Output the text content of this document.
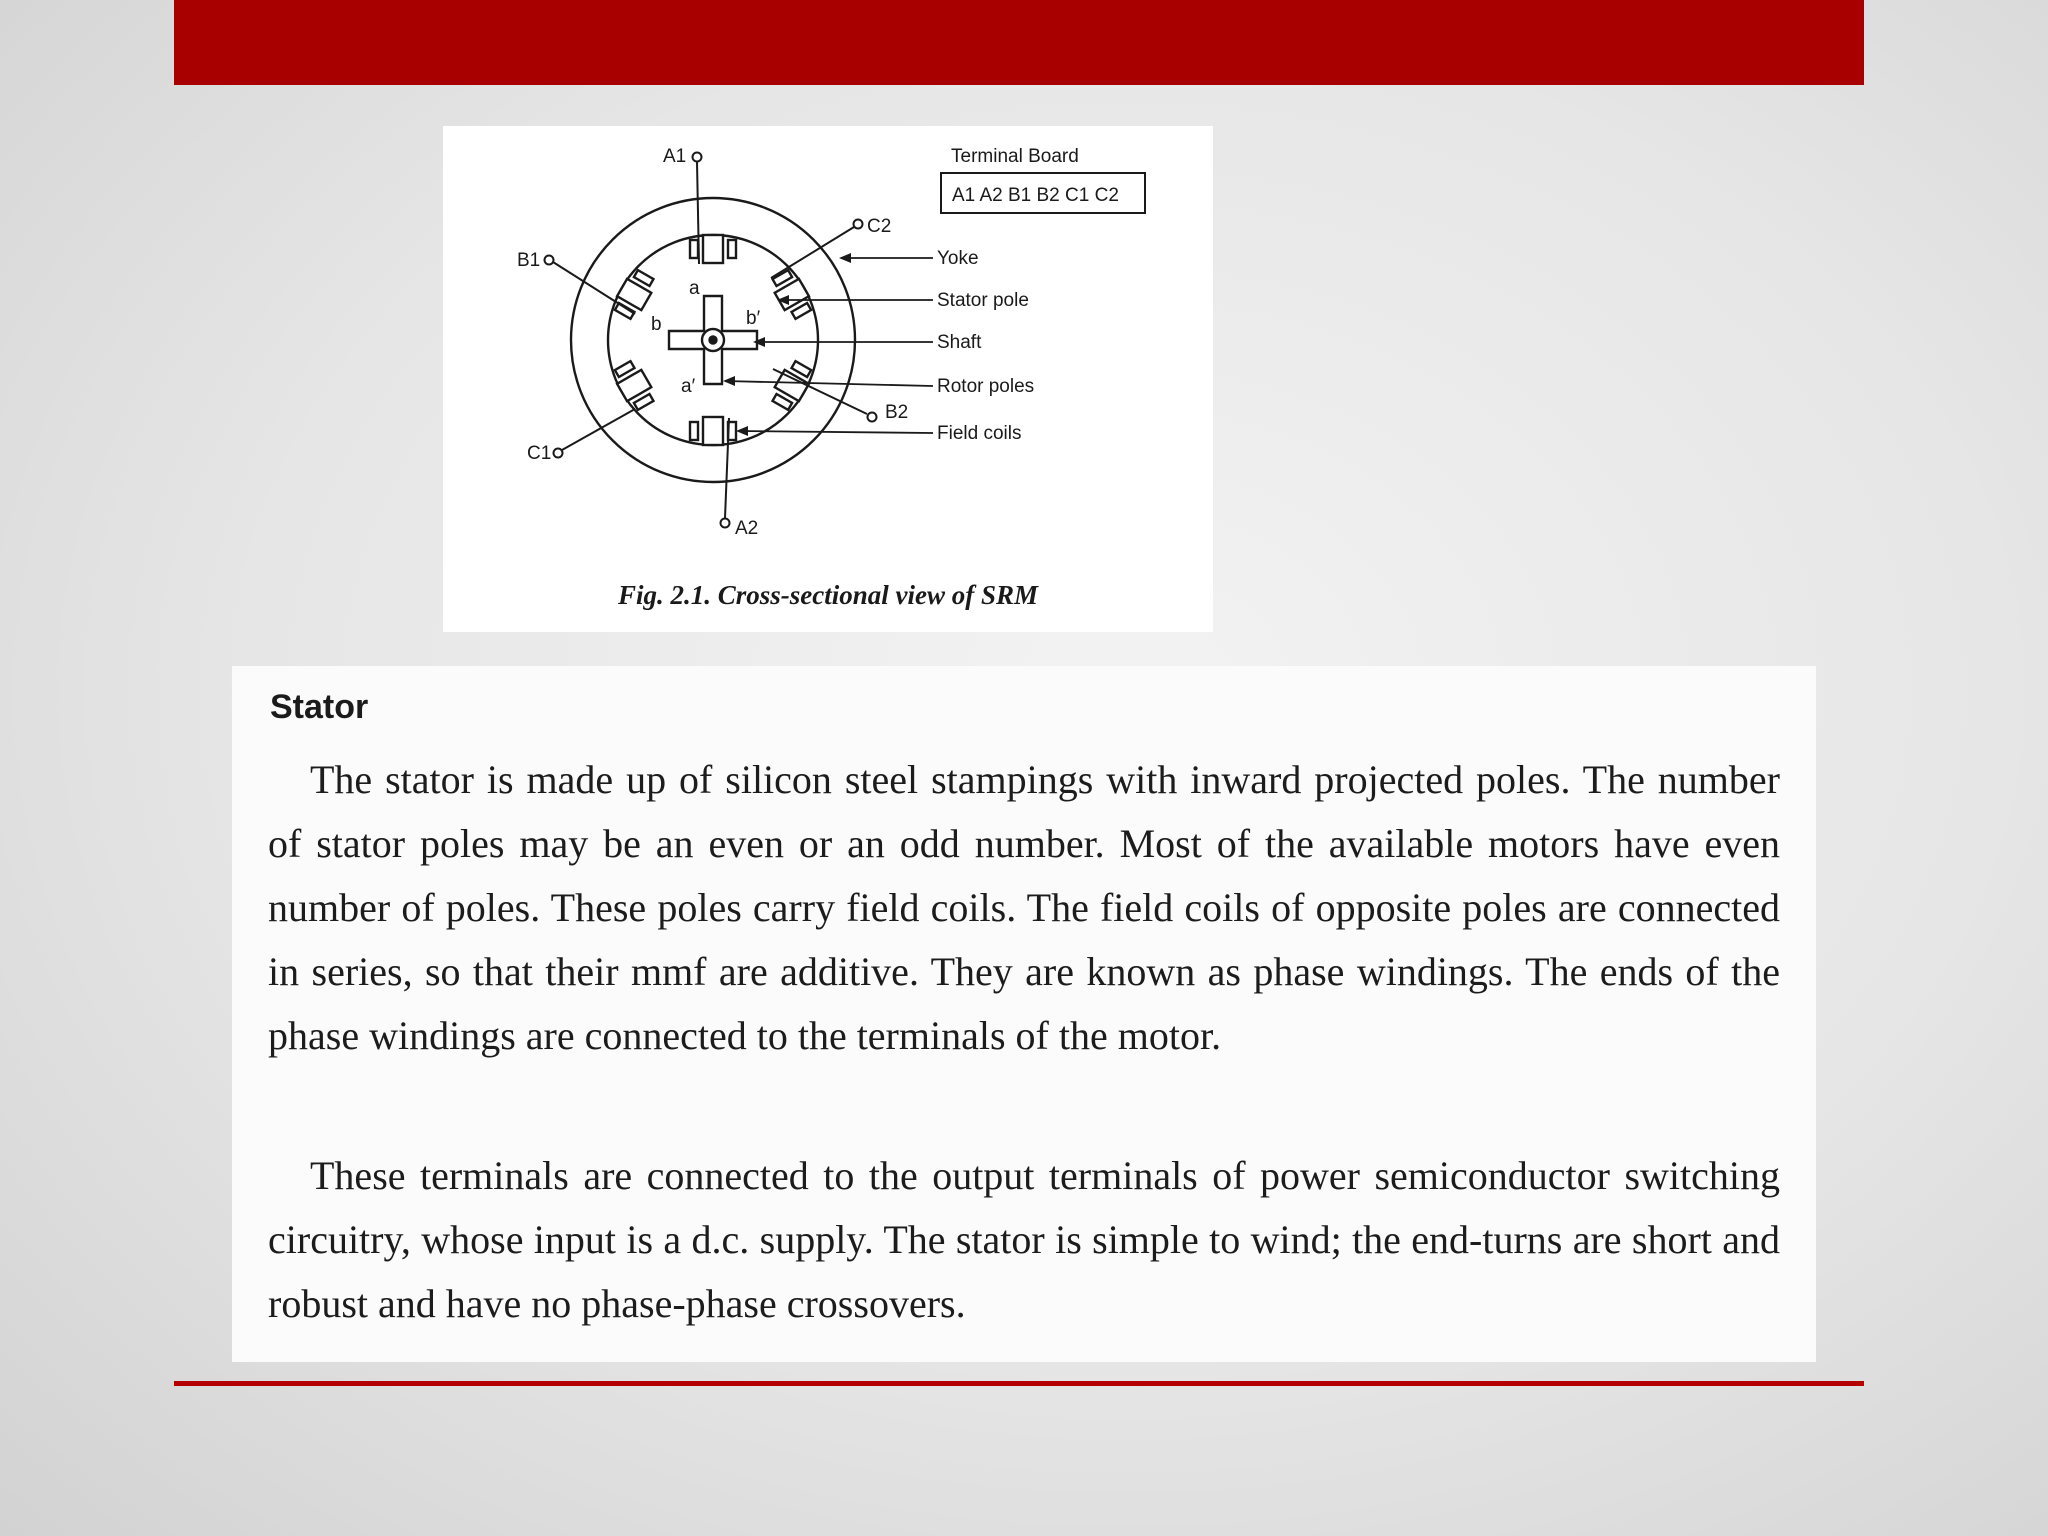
Terminal Board
A1 A2 B1 B2 C1 C2
A1
A2
B1
B2
C1
C2
a
a′
b	b′
Yoke
Stator pole
Shaft
Rotor poles
Field coils
Fig. 2.1. Cross-sectional view of SRM
Stator

The stator is made up of silicon steel stampings with inward projected poles. The number of stator poles may be an even or an odd number. Most of the available motors have even number of poles. These poles carry field coils. The field coils of opposite poles are connected in series, so that their mmf are additive. They are known as phase windings. The ends of the phase windings are connected to the terminals of the motor.

These terminals are connected to the output terminals of power semiconductor switching circuitry, whose input is a d.c. supply. The stator is simple to wind; the end-turns are short and robust and have no phase-phase crossovers.
